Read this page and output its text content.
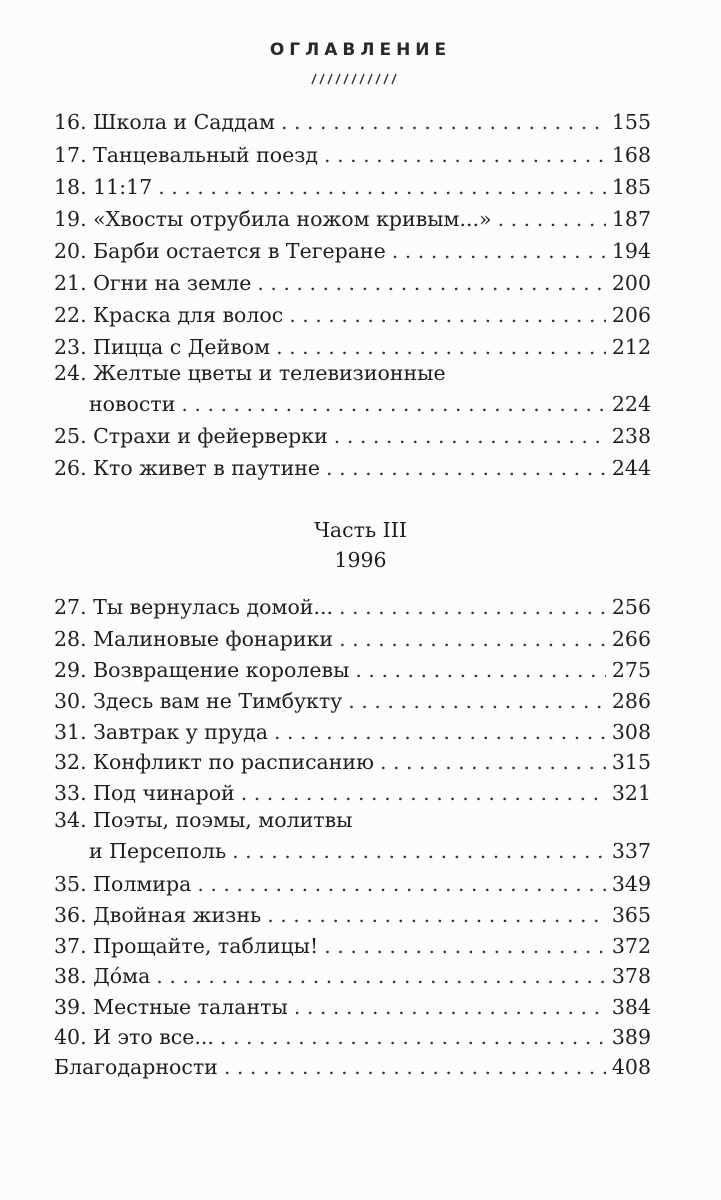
ОГЛАВЛЕНИЕ
16. Школа и Саддам . . .	155
17. Танцевальный поезд . . .	168
18. 11:17 . . .	185
19. «Хвосты отрубила ножом кривым...» . . .	187
20. Барби остается в Тегеране . . .	194
21. Огни на земле . . .	200
22. Краска для волос . . .	206
23. Пицца с Дейвом . . .	212
24. Желтые цветы и телевизионные
новости . . .	224
25. Страхи и фейерверки . . .	238
26. Кто живет в паутине . . .	244
Часть III
1996
27. Ты вернулась домой... . . .	256
28. Малиновые фонарики . . .	266
29. Возвращение королевы . . .	275
30. Здесь вам не Тимбукту . . .	286
31. Завтрак у пруда . . .	308
32. Конфликт по расписанию . . .	315
33. Под чинарой . . .	321
34. Поэты, поэмы, молитвы
и Персеполь . . .	337
35. Полмира . . .	349
36. Двойная жизнь . . .	365
37. Прощайте, таблицы! . . .	372
38. До́ма . . .	378
39. Местные таланты . . .	384
40. И это все... . . .	389
Благодарности . . .	408
